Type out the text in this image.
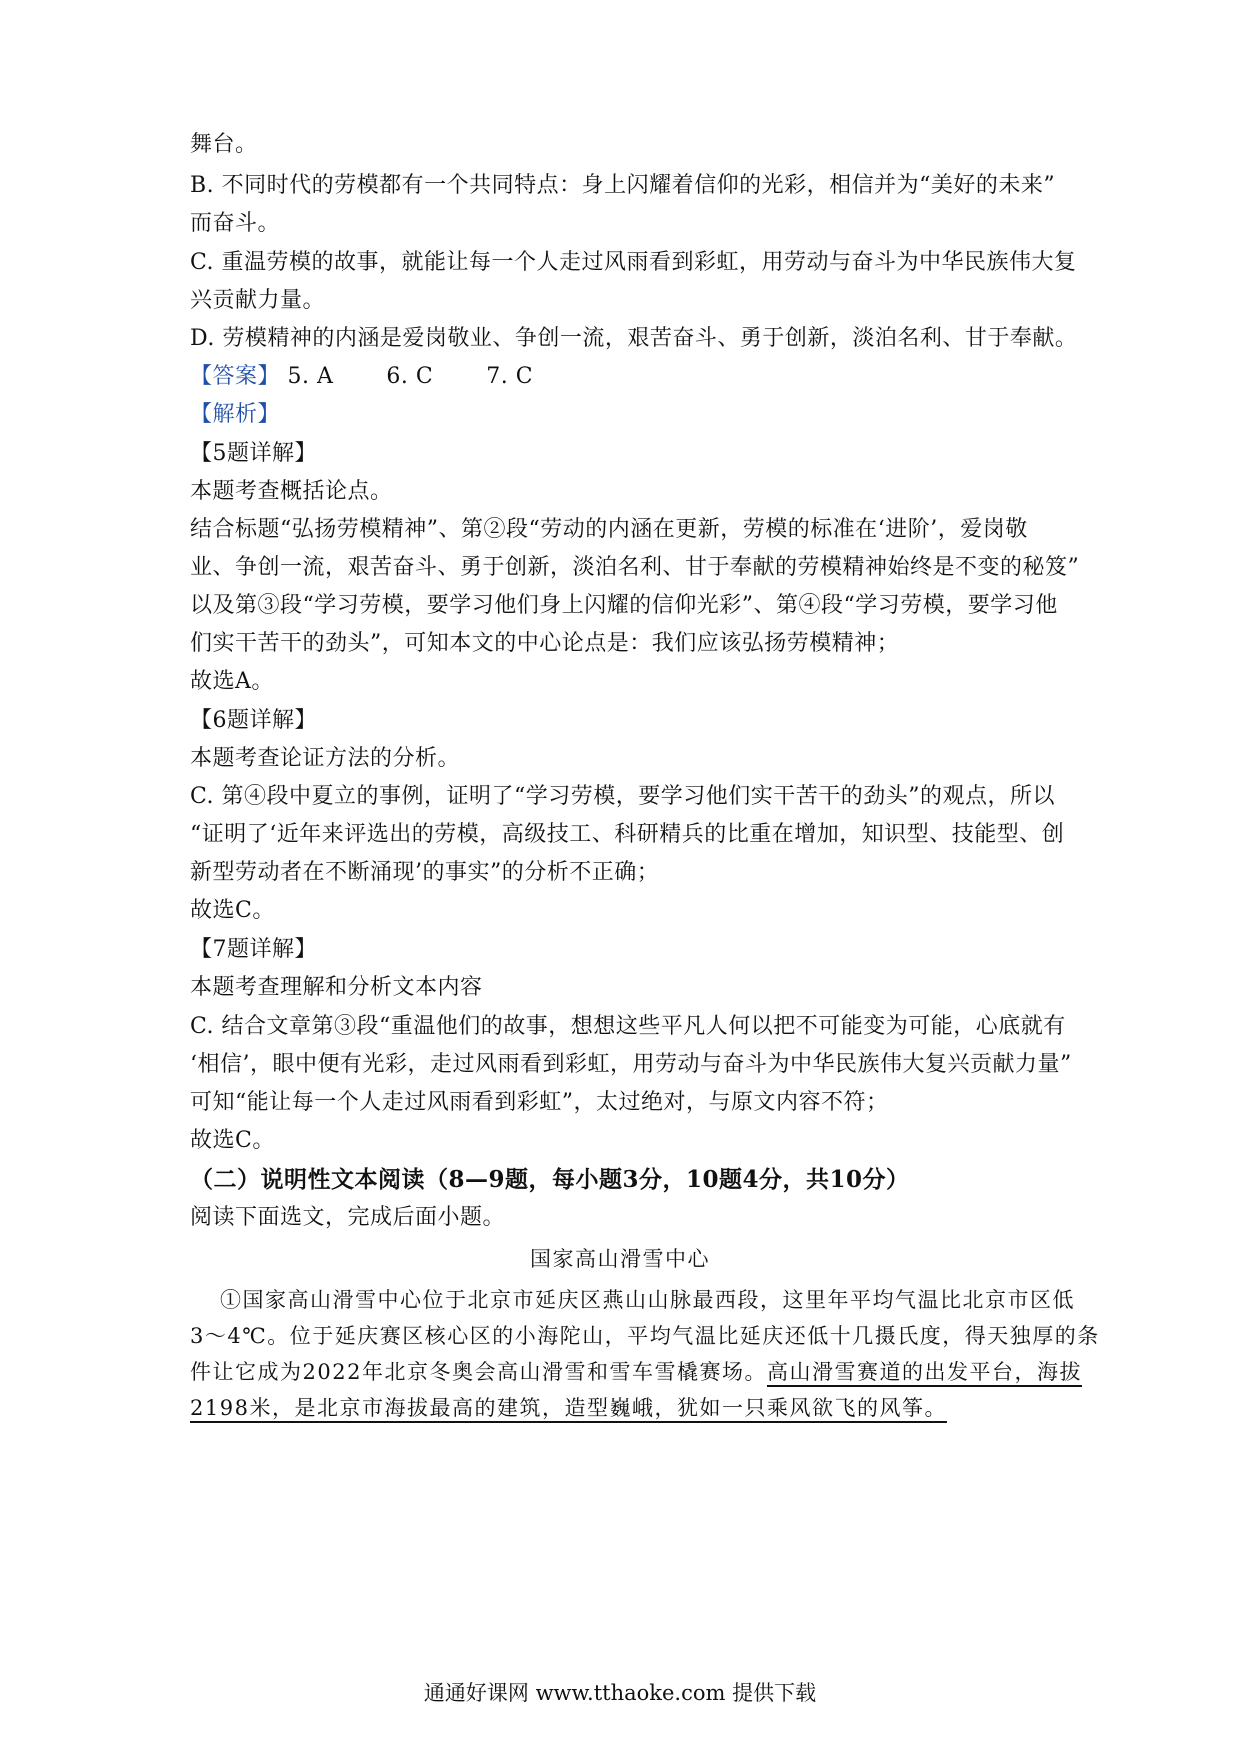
舞台。
B. 不同时代的劳模都有一个共同特点：身上闪耀着信仰的光彩，相信并为“美好的未来”
而奋斗。
C. 重温劳模的故事，就能让每一个人走过风雨看到彩虹，用劳动与奋斗为中华民族伟大复
兴贡献力量。
D. 劳模精神的内涵是爱岗敬业、争创一流，艰苦奋斗、勇于创新，淡泊名利、甘于奉献。
【答案】 5. A 6. C 7. C
【解析】
【5题详解】
本题考查概括论点。
结合标题“弘扬劳模精神”、第②段“劳动的内涵在更新，劳模的标准在‘进阶’，爱岗敬
业、争创一流，艰苦奋斗、勇于创新，淡泊名利、甘于奉献的劳模精神始终是不变的秘笈”
以及第③段“学习劳模，要学习他们身上闪耀的信仰光彩”、第④段“学习劳模，要学习他
们实干苦干的劲头”，可知本文的中心论点是：我们应该弘扬劳模精神；
故选A。
【6题详解】
本题考查论证方法的分析。
C. 第④段中夏立的事例，证明了“学习劳模，要学习他们实干苦干的劲头”的观点，所以
“证明了‘近年来评选出的劳模，高级技工、科研精兵的比重在增加，知识型、技能型、创
新型劳动者在不断涌现’的事实”的分析不正确；
故选C。
【7题详解】
本题考查理解和分析文本内容
C. 结合文章第③段“重温他们的故事，想想这些平凡人何以把不可能变为可能，心底就有
‘相信’，眼中便有光彩，走过风雨看到彩虹，用劳动与奋斗为中华民族伟大复兴贡献力量”
可知“能让每一个人走过风雨看到彩虹”，太过绝对，与原文内容不符；
故选C。
（二）说明性文本阅读（8—9题，每小题3分，10题4分，共10分）
阅读下面选文，完成后面小题。
国家高山滑雪中心
①国家高山滑雪中心位于北京市延庆区燕山山脉最西段，这里年平均气温比北京市区低
3～4℃。位于延庆赛区核心区的小海陀山，平均气温比延庆还低十几摄氏度，得天独厚的条
件让它成为2022年北京冬奥会高山滑雪和雪车雪橇赛场。高山滑雪赛道的出发平台，海拔
2198米，是北京市海拔最高的建筑，造型巍峨，犹如一只乘风欲飞的风筝。
通通好课网 www.tthaoke.com 提供下载
